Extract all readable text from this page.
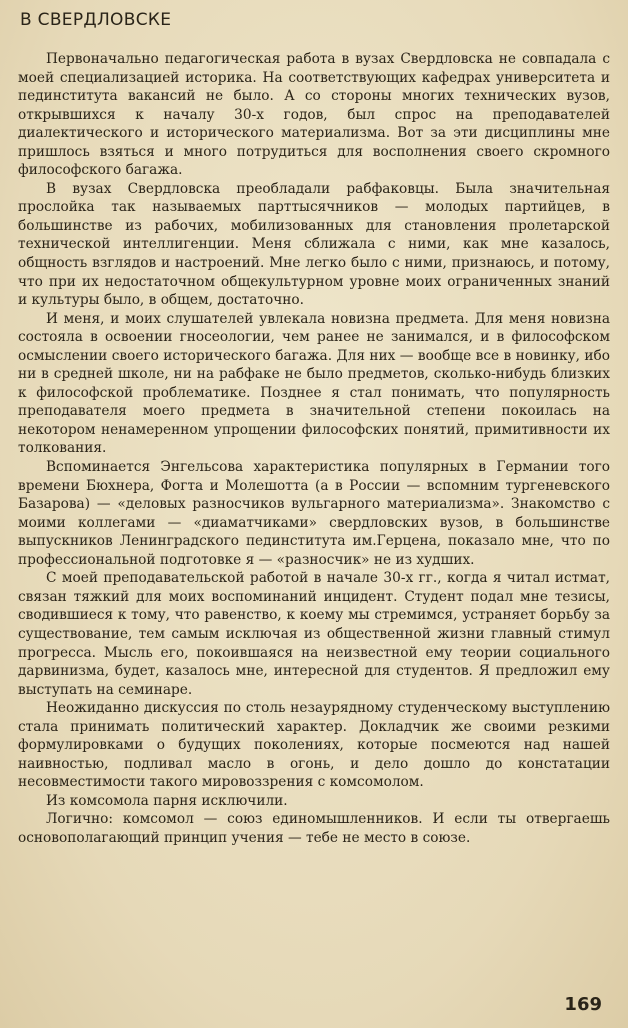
В СВЕРДЛОВСКЕ

Первоначально педагогическая работа в вузах Свердловска не совпадала с моей специализацией историка. На соответствующих кафедрах университета и пединститута вакансий не было. А со стороны многих технических вузов, открывшихся к началу 30-х годов, был спрос на преподавателей диалектического и исторического материализма. Вот за эти дисциплины мне пришлось взяться и много потрудиться для восполнения своего скромного философского багажа.

В вузах Свердловска преобладали рабфаковцы. Была значительная прослойка так называемых парттысячников — молодых партийцев, в большинстве из рабочих, мобилизованных для становления пролетарской технической интеллигенции. Меня сближала с ними, как мне казалось, общность взглядов и настроений. Мне легко было с ними, признаюсь, и потому, что при их недостаточном общекультурном уровне моих ограниченных знаний и культуры было, в общем, достаточно.

И меня, и моих слушателей увлекала новизна предмета. Для меня новизна состояла в освоении гносеологии, чем ранее не занимался, и в философском осмыслении своего исторического багажа. Для них — вообще все в новинку, ибо ни в средней школе, ни на рабфаке не было предметов, сколько-нибудь близких к философской проблематике. Позднее я стал понимать, что популярность преподавателя моего предмета в значительной степени покоилась на некотором ненамеренном упрощении философских понятий, примитивности их толкования.

Вспоминается Энгельсова характеристика популярных в Германии того времени Бюхнера, Фогта и Молешотта (а в России — вспомним тургеневского Базарова) — «деловых разносчиков вульгарного материализма». Знакомство с моими коллегами — «диаматчиками» свердловских вузов, в большинстве выпускников Ленинградского пединститута им.Герцена, показало мне, что по профессиональной подготовке я — «разносчик» не из худших.

С моей преподавательской работой в начале 30-х гг., когда я читал истмат, связан тяжкий для моих воспоминаний инцидент. Студент подал мне тезисы, сводившиеся к тому, что равенство, к коему мы стремимся, устраняет борьбу за существование, тем самым исключая из общественной жизни главный стимул прогресса. Мысль его, покоившаяся на неизвестной ему теории социального дарвинизма, будет, казалось мне, интересной для студентов. Я предложил ему выступать на семинаре.

Неожиданно дискуссия по столь незаурядному студенческому выступлению стала принимать политический характер. Докладчик же своими резкими формулировками о будущих поколениях, которые посмеются над нашей наивностью, подливал масло в огонь, и дело дошло до констатации несовместимости такого мировоззрения с комсомолом.

Из комсомола парня исключили.

Логично: комсомол — союз единомышленников. И если ты отвергаешь основополагающий принцип учения — тебе не место в союзе.

169
